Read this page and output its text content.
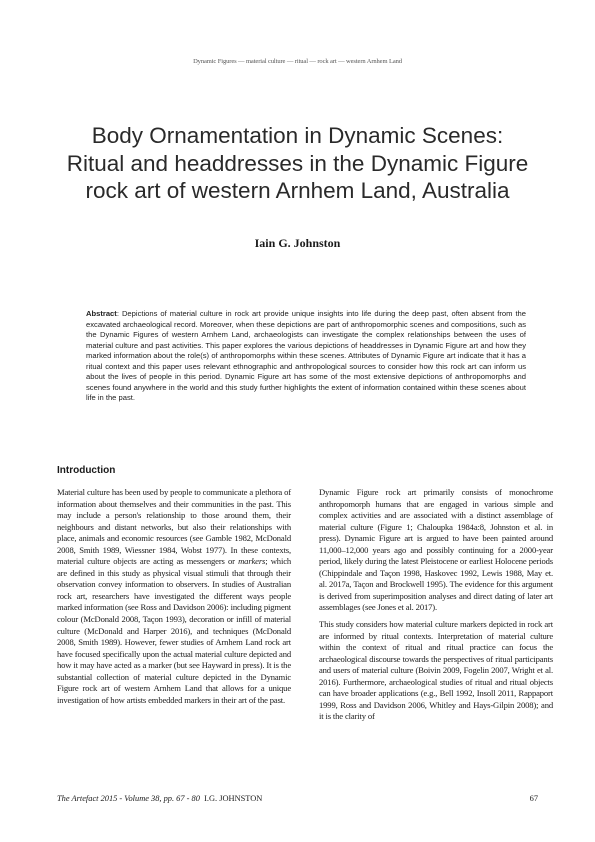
Dynamic Figures — material culture — ritual — rock art — western Arnhem Land
Body Ornamentation in Dynamic Scenes:
Ritual and headdresses in the Dynamic Figure
rock art of western Arnhem Land, Australia
Iain G. Johnston
Abstract: Depictions of material culture in rock art provide unique insights into life during the deep past, often absent from the excavated archaeological record. Moreover, when these depictions are part of anthropomorphic scenes and compositions, such as the Dynamic Figures of western Arnhem Land, archaeologists can investigate the complex relationships between the uses of material culture and past activities. This paper explores the various depictions of headdresses in Dynamic Figure art and how they marked information about the role(s) of anthropomorphs within these scenes. Attributes of Dynamic Figure art indicate that it has a ritual context and this paper uses relevant ethnographic and anthropological sources to consider how this rock art can inform us about the lives of people in this period. Dynamic Figure art has some of the most extensive depictions of anthropomorphs and scenes found anywhere in the world and this study further highlights the extent of information contained within these scenes about life in the past.
Introduction

Material culture has been used by people to communicate a plethora of information about themselves and their communities in the past. This may include a person's relationship to those around them, their neighbours and distant networks, but also their relationships with place, animals and economic resources (see Gamble 1982, McDonald 2008, Smith 1989, Wiessner 1984, Wobst 1977). In these contexts, material culture objects are acting as messengers or markers; which are defined in this study as physical visual stimuli that through their observation convey information to observers. In studies of Australian rock art, researchers have investigated the different ways people marked information (see Ross and Davidson 2006): including pigment colour (McDonald 2008, Taçon 1993), decoration or infill of material culture (McDonald and Harper 2016), and techniques (McDonald 2008, Smith 1989). However, fewer studies of Arnhem Land rock art have focused specifically upon the actual material culture depicted and how it may have acted as a marker (but see Hayward in press). It is the substantial collection of material culture depicted in the Dynamic Figure rock art of western Arnhem Land that allows for a unique investigation of how artists embedded markers in their art of the past.

Dynamic Figure rock art primarily consists of monochrome anthropomorph humans that are engaged in various simple and complex activities and are associated with a distinct assemblage of material culture (Figure 1; Chaloupka 1984a:8, Johnston et al. in press). Dynamic Figure art is argued to have been painted around 11,000–12,000 years ago and possibly continuing for a 2000-year period, likely during the latest Pleistocene or earliest Holocene periods (Chippindale and Taçon 1998, Haskovec 1992, Lewis 1988, May et. al. 2017a, Taçon and Brockwell 1995). The evidence for this argument is derived from superimposition analyses and direct dating of later art assemblages (see Jones et al. 2017).

This study considers how material culture markers depicted in rock art are informed by ritual contexts. Interpretation of material culture within the context of ritual and ritual practice can focus the archaeological discourse towards the perspectives of ritual participants and users of material culture (Boivin 2009, Fogelin 2007, Wright et al. 2016). Furthermore, archaeological studies of ritual and ritual objects can have broader applications (e.g., Bell 1992, Insoll 2011, Rappaport 1999, Ross and Davidson 2006, Whitley and Hays-Gilpin 2008); and it is the clarity of

The Artefact 2015 - Volume 38, pp. 67 - 80 I.G. JOHNSTON	67
